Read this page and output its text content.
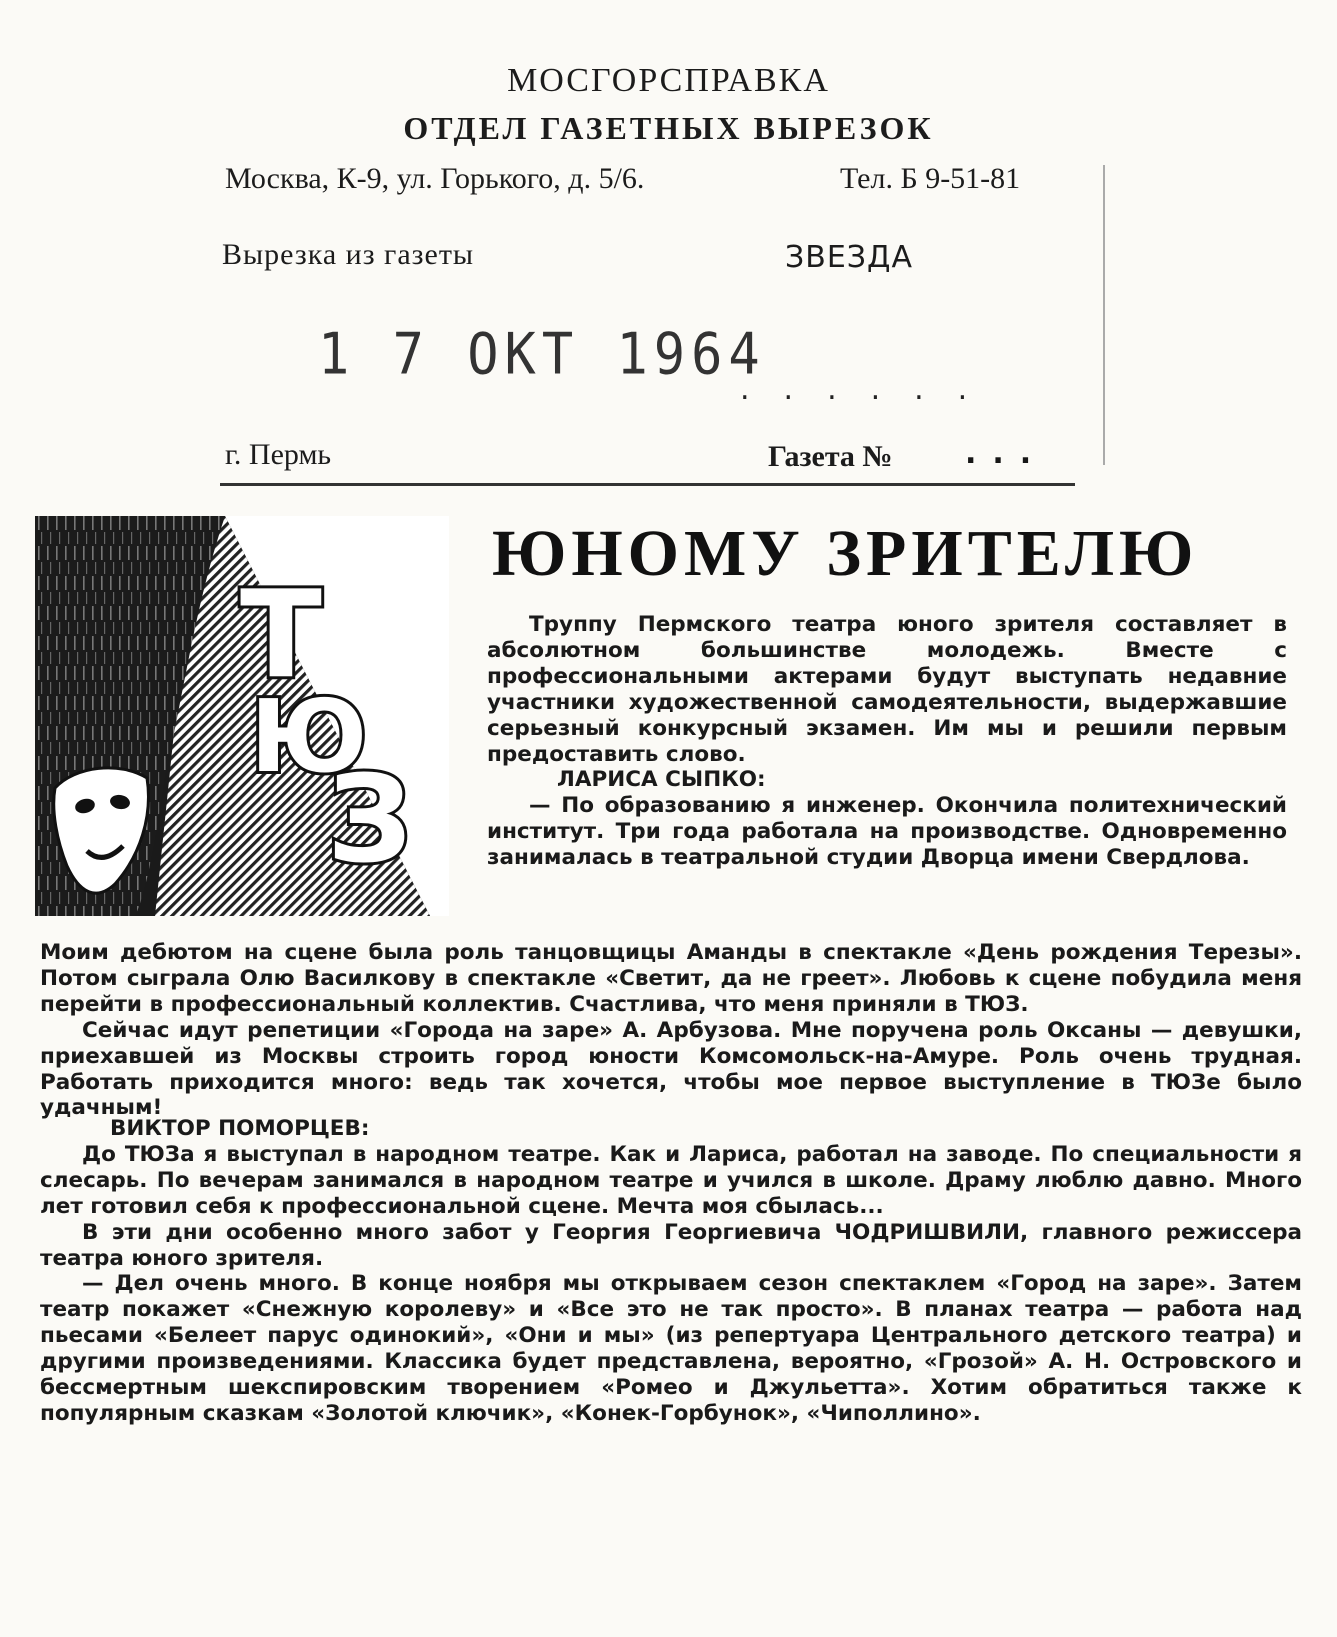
МОСГОРСПРАВКА
ОТДЕЛ ГАЗЕТНЫХ ВЫРЕЗОК
Москва, К-9, ул. Горького, д. 5/6.	Тел. Б 9-51-81
Вырезка из газеты	ЗВЕЗДА
1 7 ОКТ 1964
......
г. Пермь	Газета № ...
Т
Ю
З
ЮНОМУ ЗРИТЕЛЮ

Труппу Пермского театра юного зрителя составляет в абсолютном большинстве молодежь. Вместе с профессиональными актерами будут выступать недавние участники художественной самодеятельности, выдержавшие серьезный конкурсный экзамен. Им мы и решили первым предоставить слово.

ЛАРИСА СЫПКО:

— По образованию я инженер. Окончила политехнический институт. Три года работала на производстве. Одновременно занималась в театральной студии Дворца имени Свердлова.

Моим дебютом на сцене была роль танцовщицы Аманды в спектакле «День рождения Терезы». Потом сыграла Олю Василкову в спектакле «Светит, да не греет». Любовь к сцене побудила меня перейти в профессиональный коллектив. Счастлива, что меня приняли в ТЮЗ.

Сейчас идут репетиции «Города на заре» А. Арбузова. Мне поручена роль Оксаны — девушки, приехавшей из Москвы строить город юности Комсомольск-на-Амуре. Роль очень трудная. Работать приходится много: ведь так хочется, чтобы мое первое выступление в ТЮЗе было удачным!

ВИКТОР ПОМОРЦЕВ:

До ТЮЗа я выступал в народном театре. Как и Лариса, работал на заводе. По специальности я слесарь. По вечерам занимался в народном театре и учился в школе. Драму люблю давно. Много лет готовил себя к профессиональной сцене. Мечта моя сбылась...

В эти дни особенно много забот у Георгия Георгиевича ЧОДРИШВИЛИ, главного режиссера театра юного зрителя.

— Дел очень много. В конце ноября мы открываем сезон спектаклем «Город на заре». Затем театр покажет «Снежную королеву» и «Все это не так просто». В планах театра — работа над пьесами «Белеет парус одинокий», «Они и мы» (из репертуара Центрального детского театра) и другими произведениями. Классика будет представлена, вероятно, «Грозой» А. Н. Островского и бессмертным шекспировским творением «Ромео и Джульетта». Хотим обратиться также к популярным сказкам «Золотой ключик», «Конек-Горбунок», «Чиполлино».
